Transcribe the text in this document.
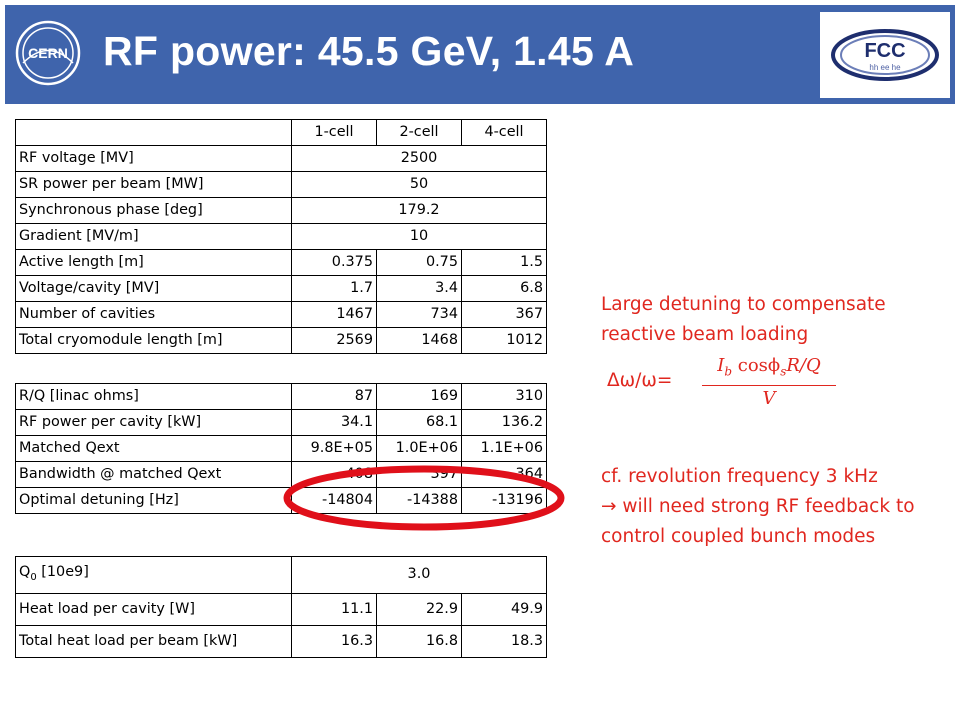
CERN RF power: 45.5 GeV, 1.45 A	FCC
hh ee he
	1-cell	2-cell	4-cell
RF voltage [MV]	2500		
SR power per beam [MW]	50		
Synchronous phase [deg]	179.2		
Gradient [MV/m]	10		
Active length [m]	0.375	0.75	1.5
Voltage/cavity [MV]	1.7	3.4	6.8
Number of cavities	1467	734	367
Total cryomodule length [m]	2569	1468	1012
R/Q [linac ohms]	87	169	310
RF power per cavity [kW]	34.1	68.1	136.2
Matched Qext	9.8E+05	1.0E+06	1.1E+06
Bandwidth @ matched Qext	408	397	364
Optimal detuning [Hz]	-14804	-14388	-13196
$Q_0$ [10e9]	3.0		
Heat load per cavity [W]	11.1	22.9	49.9
Total heat load per beam [kW]	16.3	16.8	18.3
Large detuning to compensate
reactive beam loading
Δω/ω=
$I_b$ cosϕ$_s$R/Q
V
cf. revolution frequency 3 kHz
→ will need strong RF feedback to
control coupled bunch modes
